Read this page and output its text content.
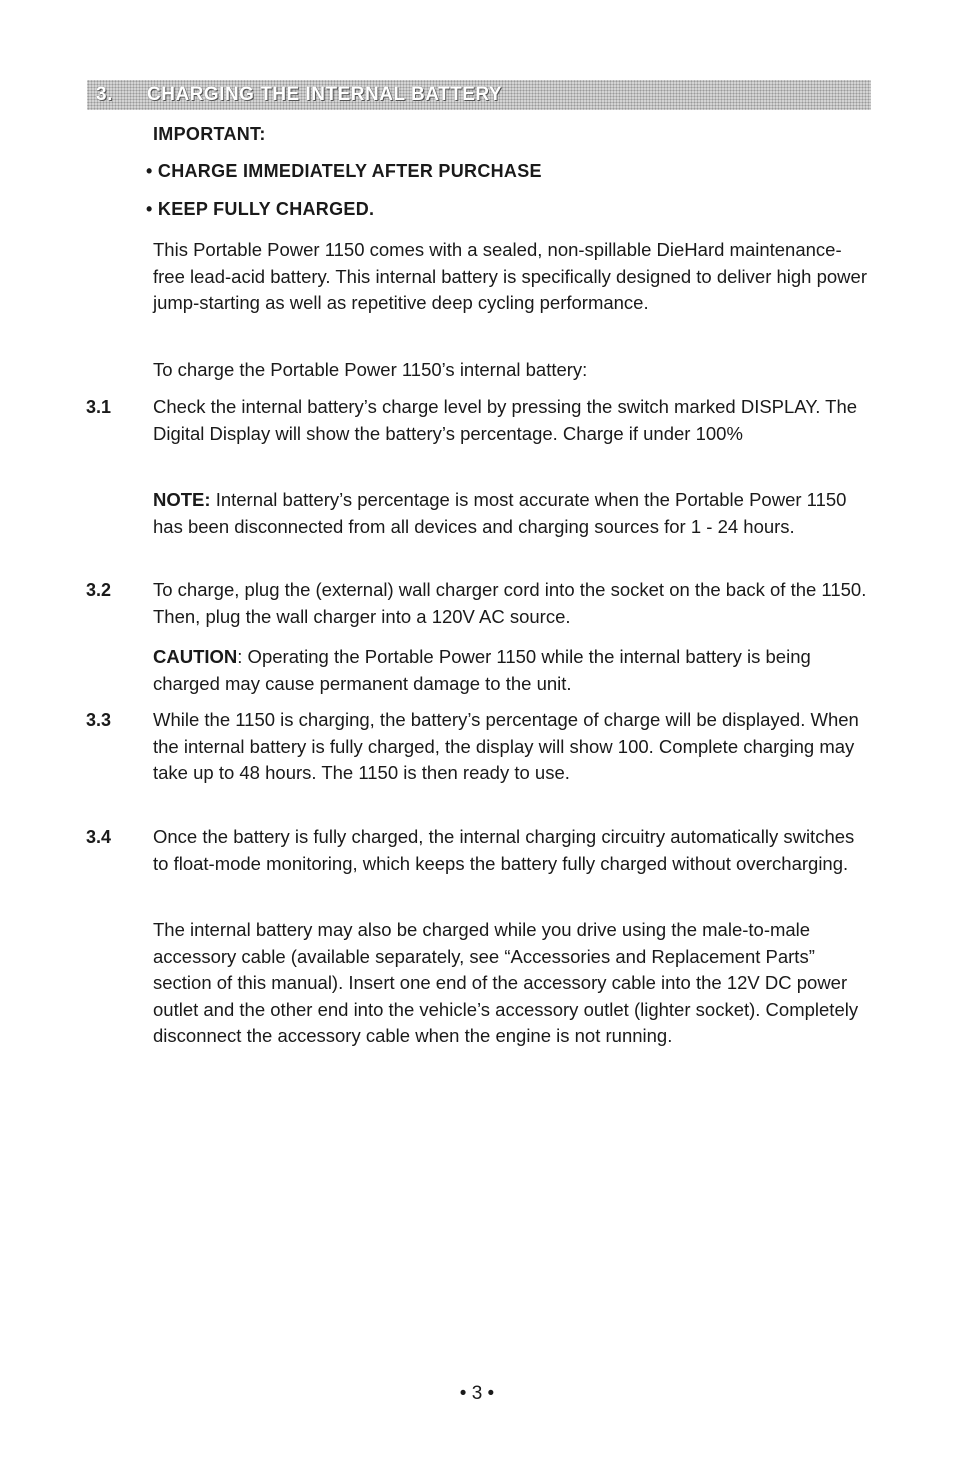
3. CHARGING THE INTERNAL BATTERY
IMPORTANT:
• CHARGE IMMEDIATELY AFTER PURCHASE
• KEEP FULLY CHARGED.

This Portable Power 1150 comes with a sealed, non-spillable DieHard maintenance-free lead-acid battery. This internal battery is specifically designed to deliver high power jump-starting as well as repetitive deep cycling performance.

To charge the Portable Power 1150’s internal battery:

3.1 Check the internal battery’s charge level by pressing the switch marked DISPLAY. The Digital Display will show the battery’s percentage. Charge if under 100%

NOTE: Internal battery’s percentage is most accurate when the Portable Power 1150 has been disconnected from all devices and charging sources for 1 - 24 hours.

3.2 To charge, plug the (external) wall charger cord into the socket on the back of the 1150. Then, plug the wall charger into a 120V AC source.

CAUTION: Operating the Portable Power 1150 while the internal battery is being charged may cause permanent damage to the unit.

3.3 While the 1150 is charging, the battery’s percentage of charge will be displayed. When the internal battery is fully charged, the display will show 100. Complete charging may take up to 48 hours. The 1150 is then ready to use.

3.4 Once the battery is fully charged, the internal charging circuitry automatically switches to float-mode monitoring, which keeps the battery fully charged without overcharging.

The internal battery may also be charged while you drive using the male-to-male accessory cable (available separately, see “Accessories and Replacement Parts” section of this manual). Insert one end of the accessory cable into the 12V DC power outlet and the other end into the vehicle’s accessory outlet (lighter socket). Completely disconnect the accessory cable when the engine is not running.

• 3 •
